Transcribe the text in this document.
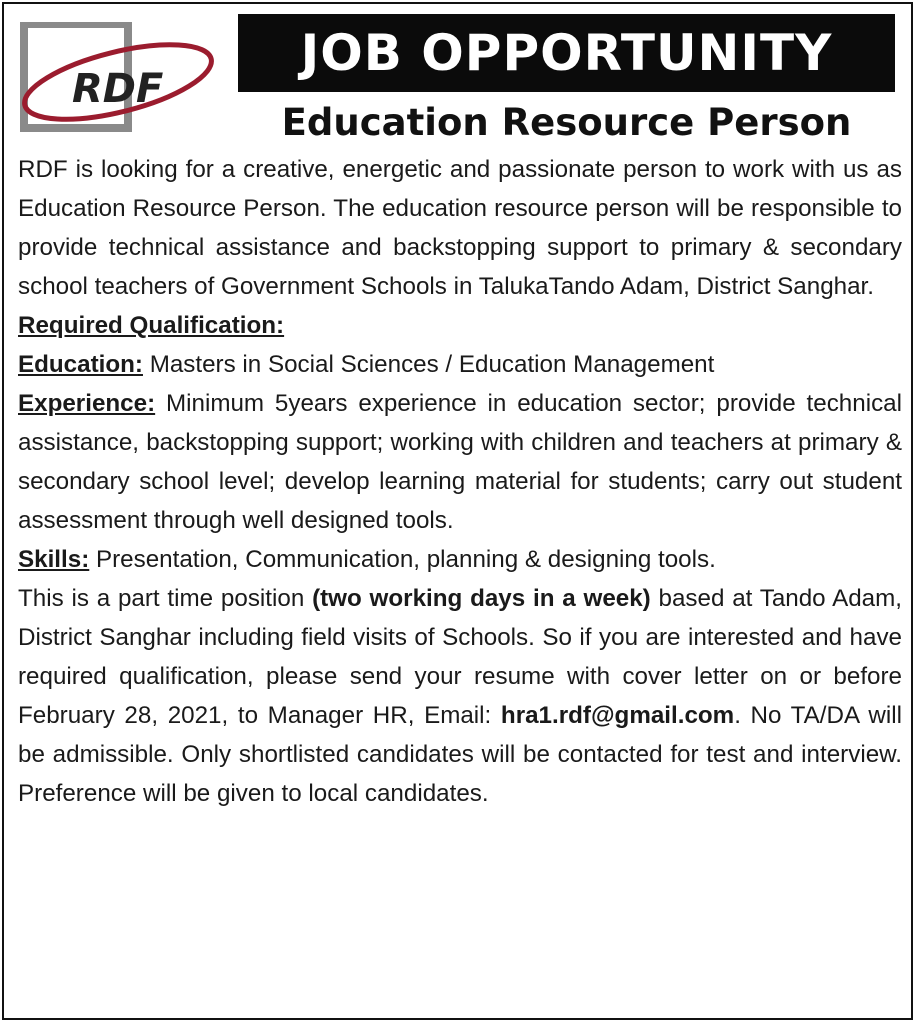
RDF
JOB OPPORTUNITY
Education Resource Person

RDF is looking for a creative, energetic and passionate person to work with us as Education Resource Person. The education resource person will be responsible to provide technical assistance and backstopping support to primary & secondary school teachers of Government Schools in TalukaTando Adam, District Sanghar.

Required Qualification:

Education: Masters in Social Sciences / Education Management

Experience: Minimum 5years experience in education sector; provide technical assistance, backstopping support; working with children and teachers at primary & secondary school level; develop learning material for students; carry out student assessment through well designed tools.

Skills: Presentation, Communication, planning & designing tools.

This is a part time position (two working days in a week) based at Tando Adam, District Sanghar including field visits of Schools. So if you are interested and have required qualification, please send your resume with cover letter on or before February 28, 2021, to Manager HR, Email: hra1.rdf@gmail.com. No TA/DA will be admissible. Only shortlisted candidates will be contacted for test and interview. Preference will be given to local candidates.
